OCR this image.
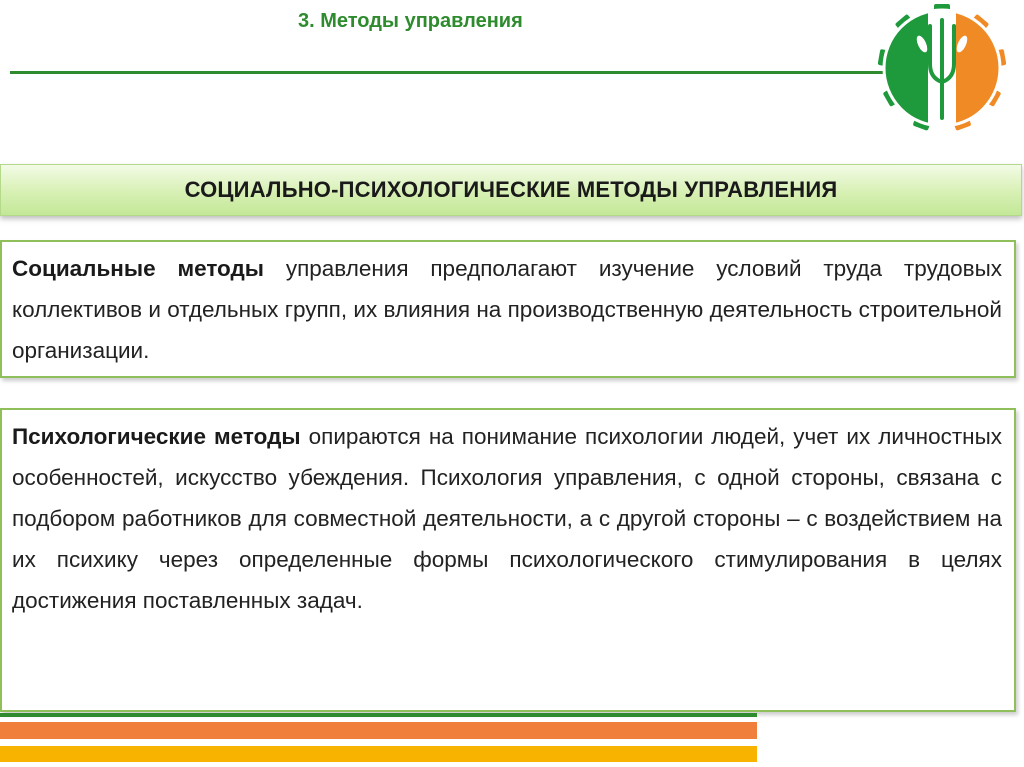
3. Методы управления
СОЦИАЛЬНО-ПСИХОЛОГИЧЕСКИЕ МЕТОДЫ УПРАВЛЕНИЯ
Социальные методы управления предполагают изучение условий труда трудовых коллективов и отдельных групп, их влияния на производственную деятельность строительной организации.
Психологические методы опираются на понимание психологии людей, учет их личностных особенностей, искусство убеждения. Психология управления, с одной стороны, связана с подбором работников для совместной деятельности, а с другой стороны – с воздействием на их психику через определенные формы психологического стимулирования в целях достижения поставленных задач.
